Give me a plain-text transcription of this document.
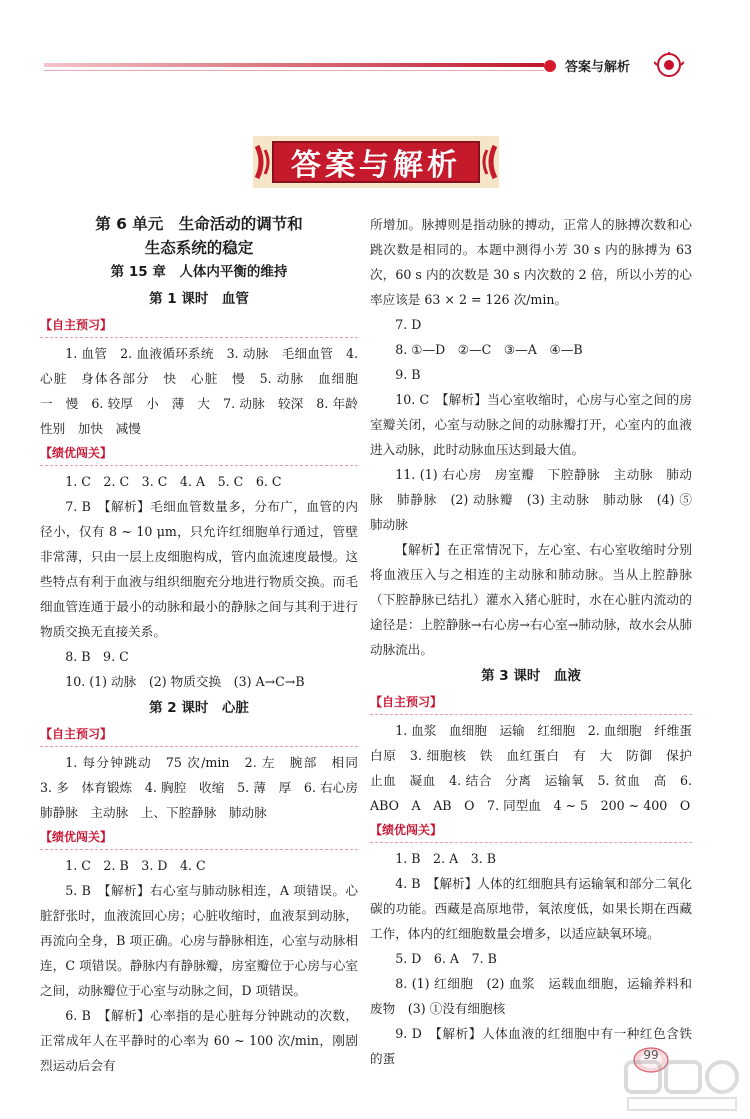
答案与解析
答案与解析
第 6 单元　生命活动的调节和
生态系统的稳定
第 15 章　人体内平衡的维持
第 1 课时　血管
【自主预习】

1. 血管　2. 血液循环系统　3. 动脉　毛细血管　4. 心脏　身体各部分　快　心脏　慢　5. 动脉　血细胞　一　慢　6. 较厚　小　薄　大　7. 动脉　较深　8. 年龄　性别　加快　减慢

【绩优闯关】

1. C　2. C　3. C　4. A　5. C　6. C

7. B　【解析】毛细血管数量多，分布广，血管的内径小，仅有 8 ~ 10 μm，只允许红细胞单行通过，管壁非常薄，只由一层上皮细胞构成，管内血流速度最慢。这些特点有利于血液与组织细胞充分地进行物质交换。而毛细血管连通于最小的动脉和最小的静脉之间与其利于进行物质交换无直接关系。

8. B　9. C

10. (1) 动脉　(2) 物质交换　(3) A→C→B

第 2 课时　心脏
【自主预习】

1. 每分钟跳动　75 次/min　2. 左　腕部　相同　3. 多　体育锻炼　4. 胸腔　收缩　5. 薄　厚　6. 右心房　肺静脉　主动脉　上、下腔静脉　肺动脉

【绩优闯关】

1. C　2. B　3. D　4. C

5. B　【解析】右心室与肺动脉相连，A 项错误。心脏舒张时，血液流回心房；心脏收缩时，血液泵到动脉，再流向全身，B 项正确。心房与静脉相连，心室与动脉相连，C 项错误。静脉内有静脉瓣，房室瓣位于心房与心室之间，动脉瓣位于心室与动脉之间，D 项错误。

6. B　【解析】心率指的是心脏每分钟跳动的次数，正常成年人在平静时的心率为 60 ~ 100 次/min，刚剧烈运动后会有

所增加。脉搏则是指动脉的搏动，正常人的脉搏次数和心跳次数是相同的。本题中测得小芳 30 s 内的脉搏为 63 次，60 s 内的次数是 30 s 内次数的 2 倍，所以小芳的心率应该是 63 × 2 = 126 次/min。

7. D

8. ①—D　②—C　③—A　④—B

9. B

10. C　【解析】当心室收缩时，心房与心室之间的房室瓣关闭，心室与动脉之间的动脉瓣打开，心室内的血液进入动脉，此时动脉血压达到最大值。

11. (1) 右心房　房室瓣　下腔静脉　主动脉　肺动脉　肺静脉　(2) 动脉瓣　(3) 主动脉　肺动脉　(4) ⑤　肺动脉

【解析】在正常情况下，左心室、右心室收缩时分别将血液压入与之相连的主动脉和肺动脉。当从上腔静脉（下腔静脉已结扎）灌水入猪心脏时，水在心脏内流动的途径是：上腔静脉→右心房→右心室→肺动脉，故水会从肺动脉流出。

第 3 课时　血液
【自主预习】

1. 血浆　血细胞　运输　红细胞　2. 血细胞　纤维蛋白原　3. 细胞核　铁　血红蛋白　有　大　防御　保护　止血　凝血　4. 结合　分离　运输氧　5. 贫血　高　6. ABO　A　AB　O　7. 同型血　4 ~ 5　200 ~ 400　O

【绩优闯关】

1. B　2. A　3. B

4. B　【解析】人体的红细胞具有运输氧和部分二氧化碳的功能。西藏是高原地带，氧浓度低，如果长期在西藏工作，体内的红细胞数量会增多，以适应缺氧环境。

5. D　6. A　7. B

8. (1) 红细胞　(2) 血浆　运载血细胞，运输养料和废物　(3) ①没有细胞核

9. D　【解析】人体血液的红细胞中有一种红色含铁的蛋	99
